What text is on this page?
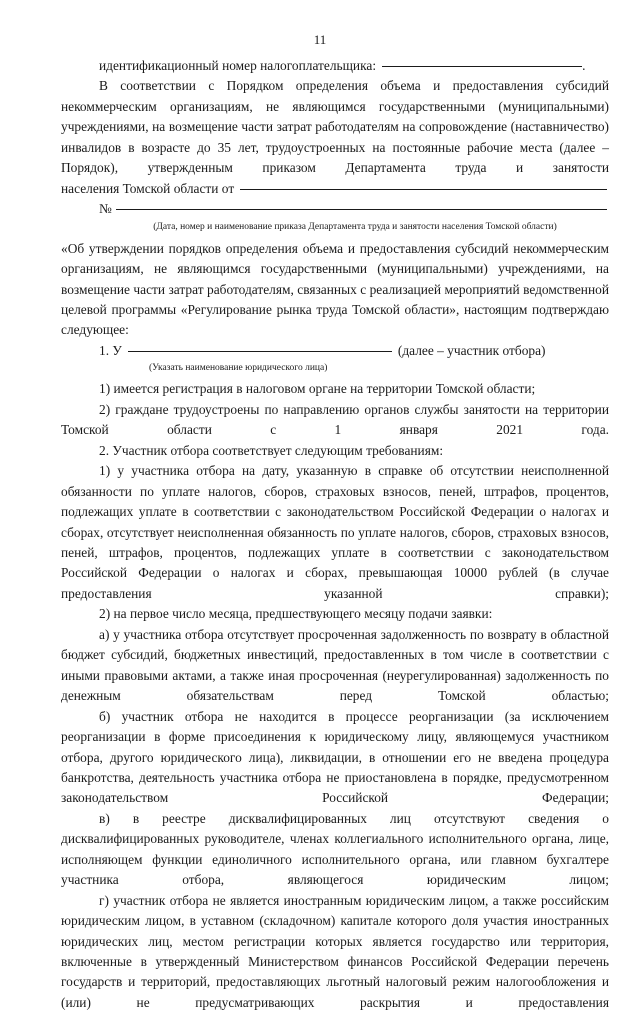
11
идентификационный номер налогоплательщика:	.

В соответствии с Порядком определения объема и предоставления субсидий некоммерческим организациям, не являющимся государственными (муниципальными) учреждениями, на возмещение части затрат работодателям на сопровождение (наставничество) инвалидов в возрасте до 35 лет, трудоустроенных на постоянные рабочие места (далее – Порядок), утвержденным приказом Департамента труда и занятости

населения Томской области от
№
(Дата, номер и наименование приказа Департамента труда и занятости населения Томской области)

«Об утверждении порядков определения объема и предоставления субсидий некоммерческим организациям, не являющимся государственными (муниципальными) учреждениями, на возмещение части затрат работодателям, связанных с реализацией мероприятий ведомственной целевой программы «Регулирование рынка труда Томской области», настоящим подтверждаю следующее:

1. У	(далее – участник отбора)
(Указать наименование юридического лица)

1) имеется регистрация в налоговом органе на территории Томской области;

2) граждане трудоустроены по направлению органов службы занятости на территории Томской области с 1 января 2021 года.

2. Участник отбора соответствует следующим требованиям:

1) у участника отбора на дату, указанную в справке об отсутствии неисполненной обязанности по уплате налогов, сборов, страховых взносов, пеней, штрафов, процентов, подлежащих уплате в соответствии с законодательством Российской Федерации о налогах и сборах, отсутствует неисполненная обязанность по уплате налогов, сборов, страховых взносов, пеней, штрафов, процентов, подлежащих уплате в соответствии с законодательством Российской Федерации о налогах и сборах, превышающая 10000 рублей (в случае предоставления указанной справки);

2) на первое число месяца, предшествующего месяцу подачи заявки:

а) у участника отбора отсутствует просроченная задолженность по возврату в областной бюджет субсидий, бюджетных инвестиций, предоставленных в том числе в соответствии с иными правовыми актами, а также иная просроченная (неурегулированная) задолженность по денежным обязательствам перед Томской областью;

б) участник отбора не находится в процессе реорганизации (за исключением реорганизации в форме присоединения к юридическому лицу, являющемуся участником отбора, другого юридического лица), ликвидации, в отношении его не введена процедура банкротства, деятельность участника отбора не приостановлена в порядке, предусмотренном законодательством Российской Федерации;

в) в реестре дисквалифицированных лиц отсутствуют сведения о дисквалифицированных руководителе, членах коллегиального исполнительного органа, лице, исполняющем функции единоличного исполнительного органа, или главном бухгалтере участника отбора, являющегося юридическим лицом;

г) участник отбора не является иностранным юридическим лицом, а также российским юридическим лицом, в уставном (складочном) капитале которого доля участия иностранных юридических лиц, местом регистрации которых является государство или территория, включенные в утвержденный Министерством финансов Российской Федерации перечень государств и территорий, предоставляющих льготный налоговый режим налогообложения и (или) не предусматривающих раскрытия и предоставления
